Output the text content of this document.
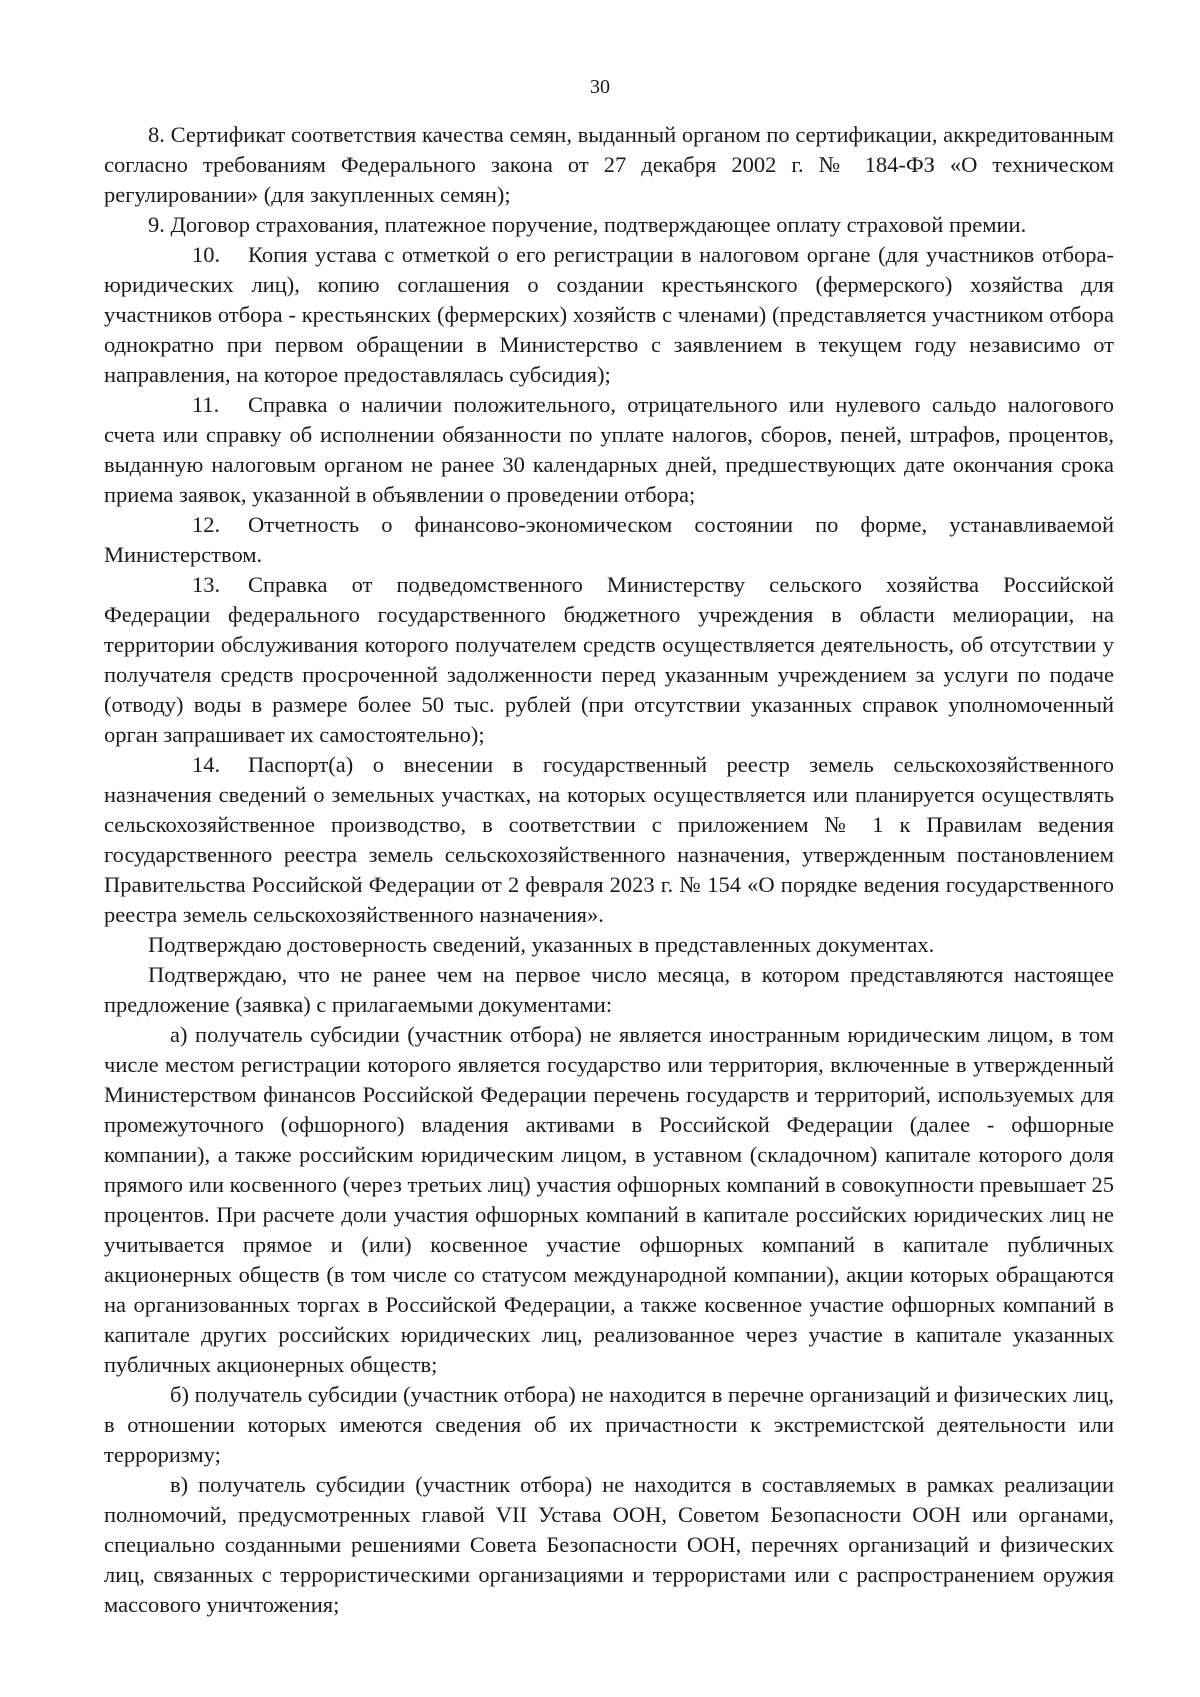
30

8. Сертификат соответствия качества семян, выданный органом по сертификации, аккредитованным согласно требованиям Федерального закона от 27 декабря 2002 г. № 184-ФЗ «О техническом регулировании» (для закупленных семян);

9. Договор страхования, платежное поручение, подтверждающее оплату страховой премии.

10. Копия устава с отметкой о его регистрации в налоговом органе (для участников отбора-юридических лиц), копию соглашения о создании крестьянского (фермерского) хозяйства для участников отбора - крестьянских (фермерских) хозяйств с членами) (представляется участником отбора однократно при первом обращении в Министерство с заявлением в текущем году независимо от направления, на которое предоставлялась субсидия);

11. Справка о наличии положительного, отрицательного или нулевого сальдо налогового счета или справку об исполнении обязанности по уплате налогов, сборов, пеней, штрафов, процентов, выданную налоговым органом не ранее 30 календарных дней, предшествующих дате окончания срока приема заявок, указанной в объявлении о проведении отбора;

12. Отчетность о финансово-экономическом состоянии по форме, устанавливаемой Министерством.

13. Справка от подведомственного Министерству сельского хозяйства Российской Федерации федерального государственного бюджетного учреждения в области мелиорации, на территории обслуживания которого получателем средств осуществляется деятельность, об отсутствии у получателя средств просроченной задолженности перед указанным учреждением за услуги по подаче (отводу) воды в размере более 50 тыс. рублей (при отсутствии указанных справок уполномоченный орган запрашивает их самостоятельно);

14. Паспорт(а) о внесении в государственный реестр земель сельскохозяйственного назначения сведений о земельных участках, на которых осуществляется или планируется осуществлять сельскохозяйственное производство, в соответствии с приложением № 1 к Правилам ведения государственного реестра земель сельскохозяйственного назначения, утвержденным постановлением Правительства Российской Федерации от 2 февраля 2023 г. № 154 «О порядке ведения государственного реестра земель сельскохозяйственного назначения».

Подтверждаю достоверность сведений, указанных в представленных документах.

Подтверждаю, что не ранее чем на первое число месяца, в котором представляются настоящее предложение (заявка) с прилагаемыми документами:

а) получатель субсидии (участник отбора) не является иностранным юридическим лицом, в том числе местом регистрации которого является государство или территория, включенные в утвержденный Министерством финансов Российской Федерации перечень государств и территорий, используемых для промежуточного (офшорного) владения активами в Российской Федерации (далее - офшорные компании), а также российским юридическим лицом, в уставном (складочном) капитале которого доля прямого или косвенного (через третьих лиц) участия офшорных компаний в совокупности превышает 25 процентов. При расчете доли участия офшорных компаний в капитале российских юридических лиц не учитывается прямое и (или) косвенное участие офшорных компаний в капитале публичных акционерных обществ (в том числе со статусом международной компании), акции которых обращаются на организованных торгах в Российской Федерации, а также косвенное участие офшорных компаний в капитале других российских юридических лиц, реализованное через участие в капитале указанных публичных акционерных обществ;

б) получатель субсидии (участник отбора) не находится в перечне организаций и физических лиц, в отношении которых имеются сведения об их причастности к экстремистской деятельности или терроризму;

в) получатель субсидии (участник отбора) не находится в составляемых в рамках реализации полномочий, предусмотренных главой VII Устава ООН, Советом Безопасности ООН или органами, специально созданными решениями Совета Безопасности ООН, перечнях организаций и физических лиц, связанных с террористическими организациями и террористами или с распространением оружия массового уничтожения;
